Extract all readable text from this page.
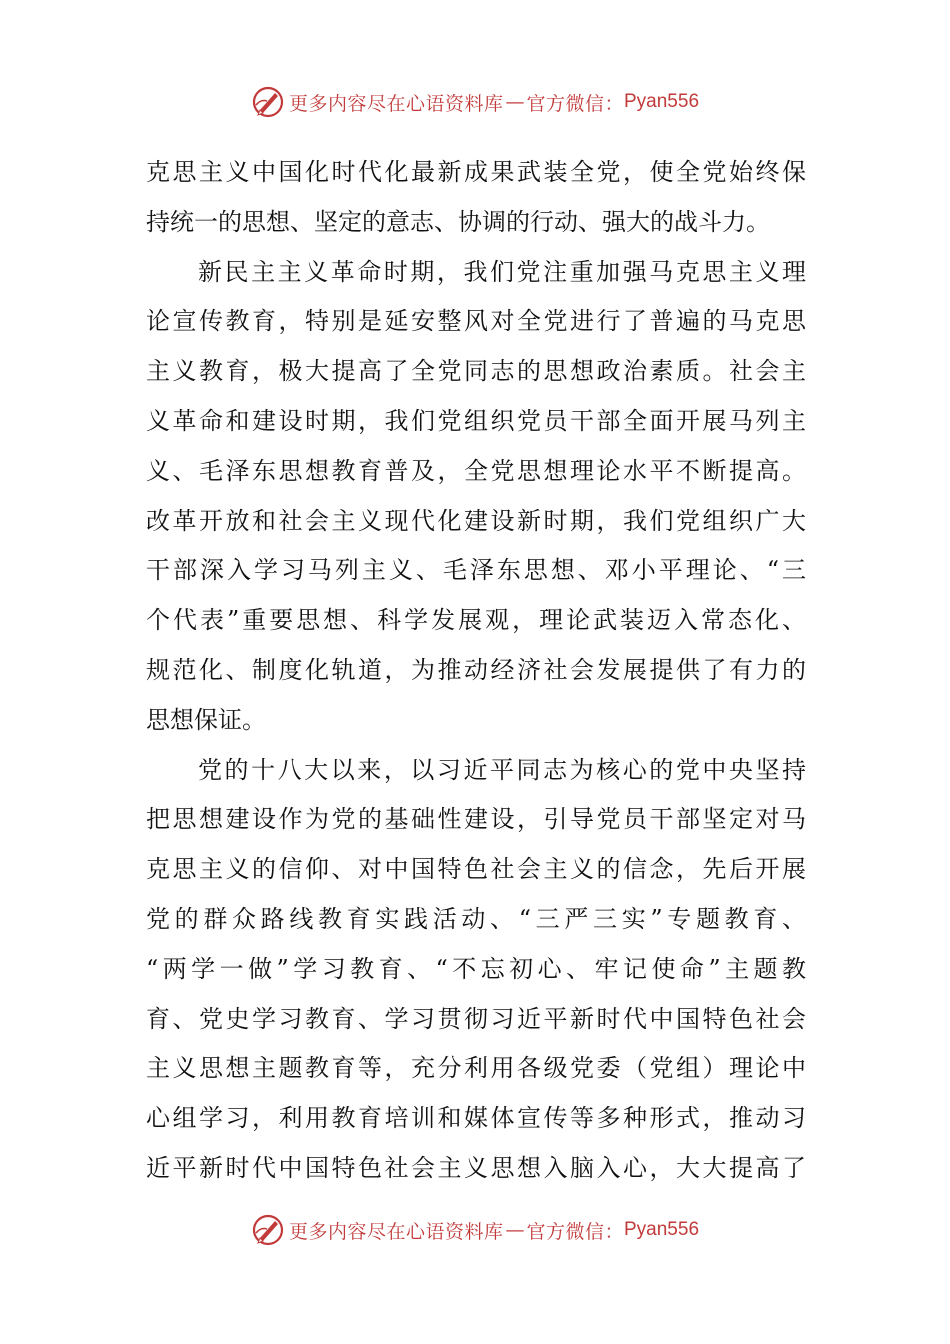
更多内容尽在心语资料库 — 官方微信： Pyan556
克思主义中国化时代化最新成果武装全党，使全党始终保
持统一的思想、坚定的意志、协调的行动、强大的战斗力。
新民主主义革命时期，我们党注重加强马克思主义理
论宣传教育，特别是延安整风对全党进行了普遍的马克思
主义教育，极大提高了全党同志的思想政治素质。社会主
义革命和建设时期，我们党组织党员干部全面开展马列主
义、毛泽东思想教育普及，全党思想理论水平不断提高。
改革开放和社会主义现代化建设新时期，我们党组织广大
干部深入学习马列主义、毛泽东思想、邓小平理论、“三
个代表”重要思想、科学发展观，理论武装迈入常态化、
规范化、制度化轨道，为推动经济社会发展提供了有力的
思想保证。
党的十八大以来，以习近平同志为核心的党中央坚持
把思想建设作为党的基础性建设，引导党员干部坚定对马
克思主义的信仰、对中国特色社会主义的信念，先后开展
党的群众路线教育实践活动、“三严三实”专题教育、
“两学一做”学习教育、“不忘初心、牢记使命”主题教
育、党史学习教育、学习贯彻习近平新时代中国特色社会
主义思想主题教育等，充分利用各级党委（党组）理论中
心组学习，利用教育培训和媒体宣传等多种形式，推动习
近平新时代中国特色社会主义思想入脑入心，大大提高了
更多内容尽在心语资料库 — 官方微信： Pyan556
